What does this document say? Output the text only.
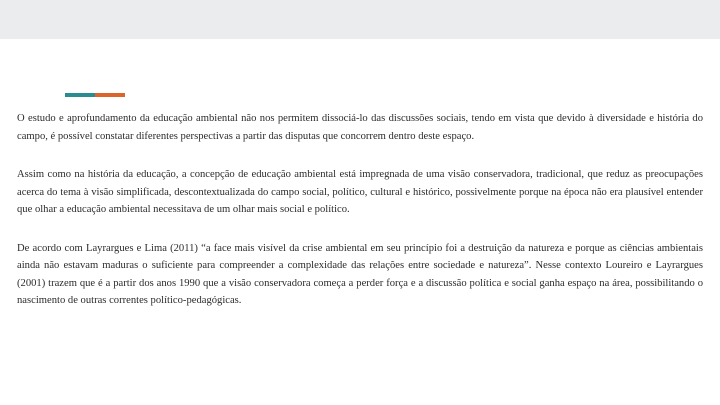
O estudo e aprofundamento da educação ambiental não nos permitem dissociá-lo das discussões sociais, tendo em vista que devido à diversidade e história do campo, é possível constatar diferentes perspectivas a partir das disputas que concorrem dentro deste espaço.

Assim como na história da educação, a concepção de educação ambiental está impregnada de uma visão conservadora, tradicional, que reduz as preocupações acerca do tema à visão simplificada, descontextualizada do campo social, político, cultural e histórico, possivelmente porque na época não era plausível entender que olhar a educação ambiental necessitava de um olhar mais social e político.

De acordo com Layrargues e Lima (2011) “a face mais visível da crise ambiental em seu princípio foi a destruição da natureza e porque as ciências ambientais ainda não estavam maduras o suficiente para compreender a complexidade das relações entre sociedade e natureza”. Nesse contexto Loureiro e Layrargues (2001) trazem que é a partir dos anos 1990 que a visão conservadora começa a perder força e a discussão política e social ganha espaço na área, possibilitando o nascimento de outras correntes político-pedagógicas.
